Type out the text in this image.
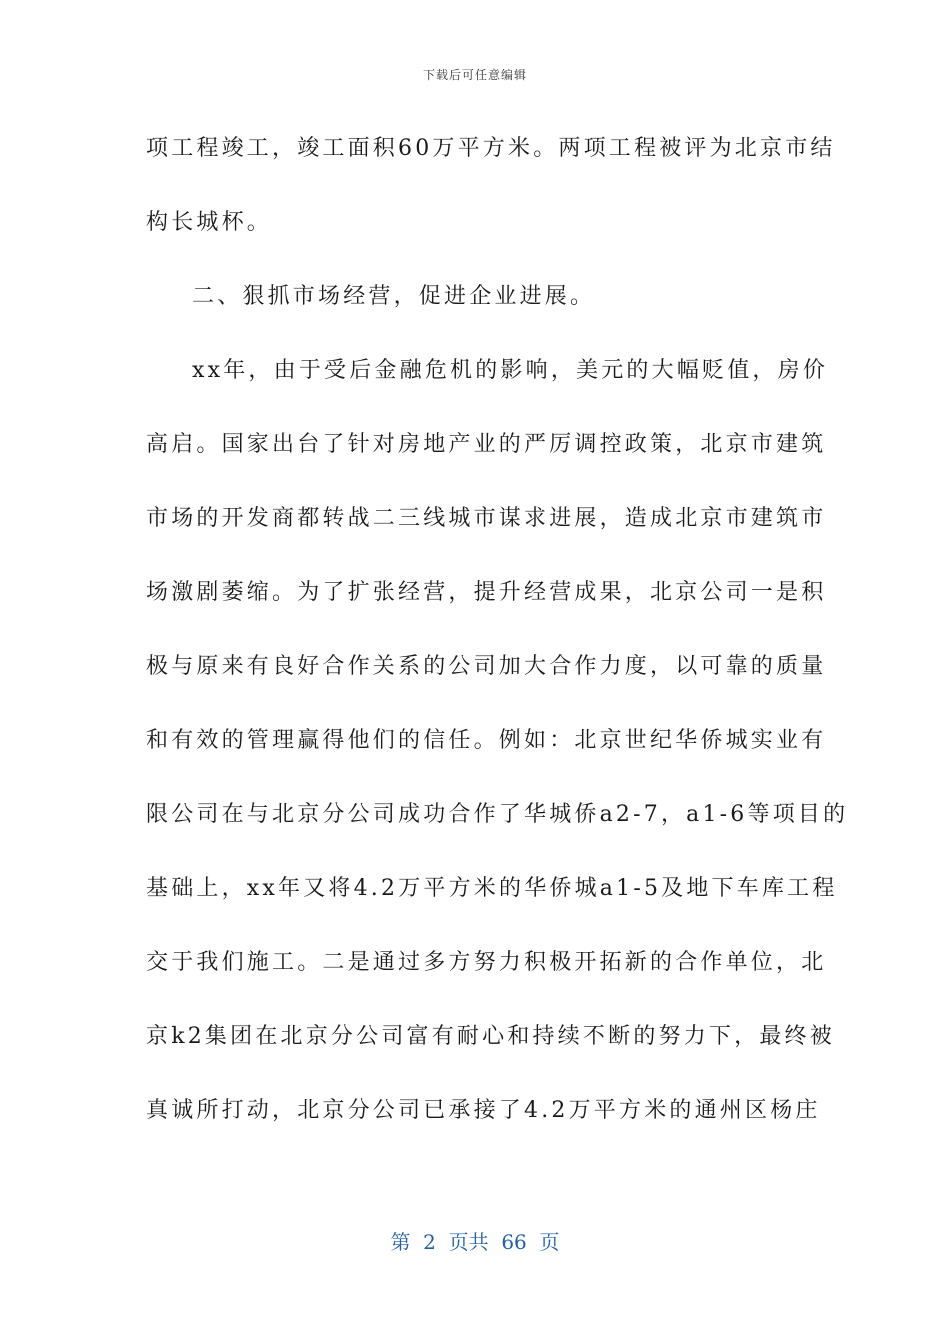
下载后可任意编辑
项工程竣工，竣工面积60万平方米。两项工程被评为北京市结
构长城杯。
二、狠抓市场经营，促进企业进展。
xx年，由于受后金融危机的影响，美元的大幅贬值，房价
高启。国家出台了针对房地产业的严厉调控政策，北京市建筑
市场的开发商都转战二三线城市谋求进展，造成北京市建筑市
场激剧萎缩。为了扩张经营，提升经营成果，北京公司一是积
极与原来有良好合作关系的公司加大合作力度，以可靠的质量
和有效的管理赢得他们的信任。例如：北京世纪华侨城实业有
限公司在与北京分公司成功合作了华城侨a2-7，a1-6等项目的
基础上，xx年又将4.2万平方米的华侨城a1-5及地下车库工程
交于我们施工。二是通过多方努力积极开拓新的合作单位，北
京k2集团在北京分公司富有耐心和持续不断的努力下，最终被
真诚所打动，北京分公司已承接了4.2万平方米的通州区杨庄
第  2  页共  66  页
